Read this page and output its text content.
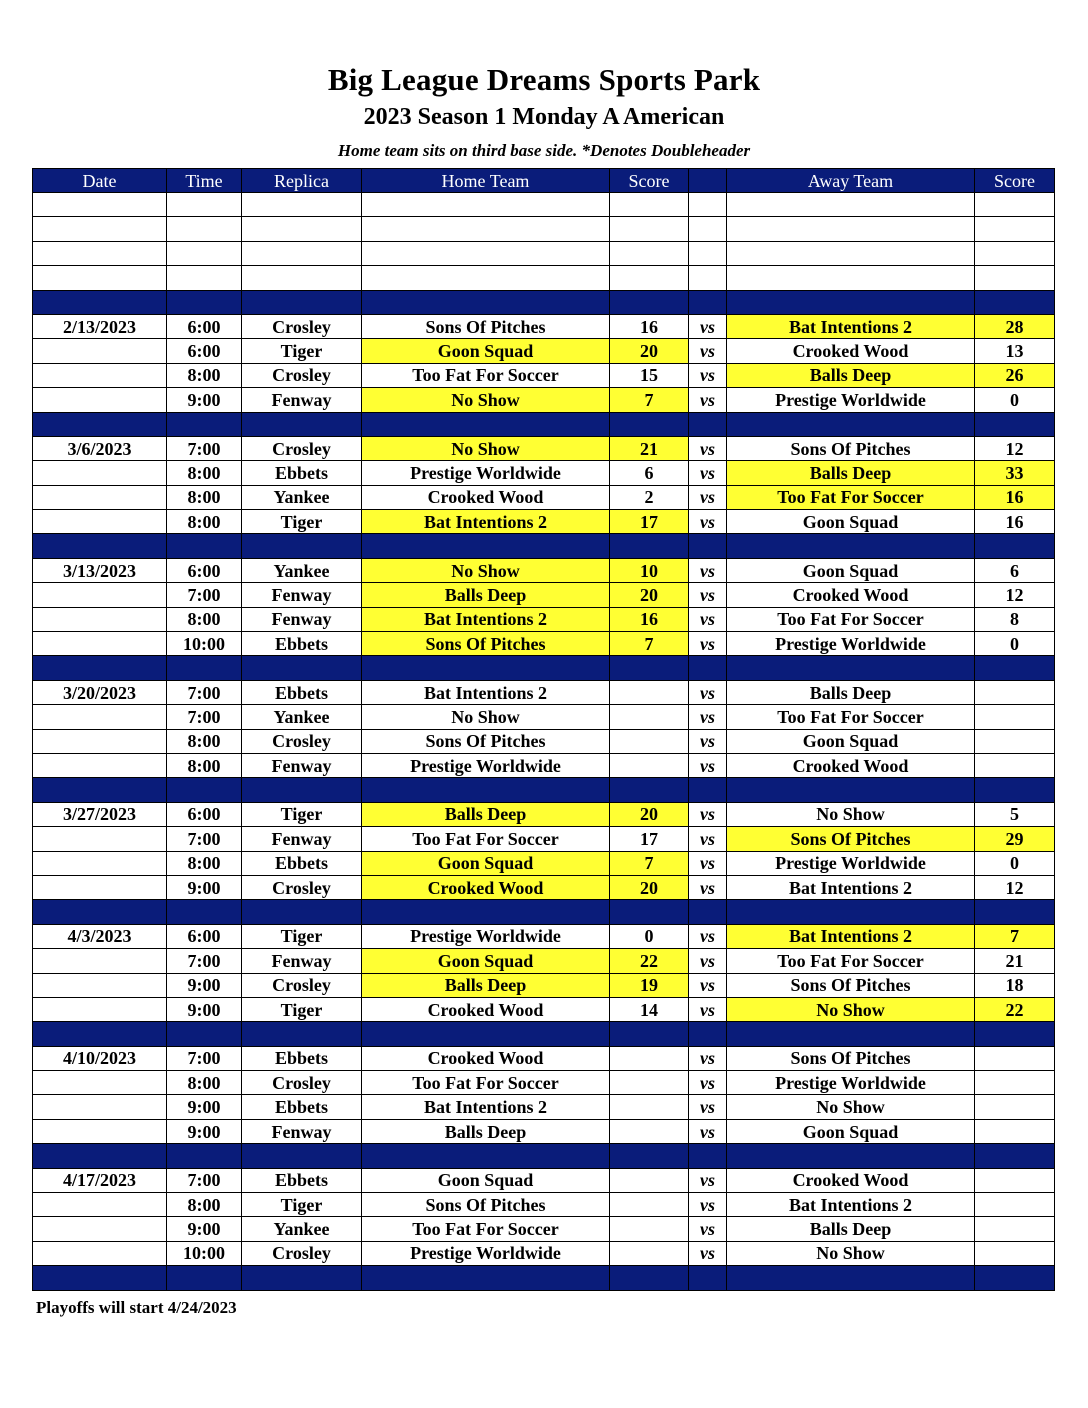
Big League Dreams Sports Park
2023 Season 1 Monday A American
Home team sits on third base side. *Denotes Doubleheader
Date	Time	Replica	Home Team	Score		Away Team	Score

2/13/2023	6:00	Crosley	Sons Of Pitches	16	vs	Bat Intentions 2	28
	6:00	Tiger	Goon Squad	20	vs	Crooked Wood	13
	8:00	Crosley	Too Fat For Soccer	15	vs	Balls Deep	26
	9:00	Fenway	No Show	7	vs	Prestige Worldwide	0

3/6/2023	7:00	Crosley	No Show	21	vs	Sons Of Pitches	12
	8:00	Ebbets	Prestige Worldwide	6	vs	Balls Deep	33
	8:00	Yankee	Crooked Wood	2	vs	Too Fat For Soccer	16
	8:00	Tiger	Bat Intentions 2	17	vs	Goon Squad	16

3/13/2023	6:00	Yankee	No Show	10	vs	Goon Squad	6
	7:00	Fenway	Balls Deep	20	vs	Crooked Wood	12
	8:00	Fenway	Bat Intentions 2	16	vs	Too Fat For Soccer	8
	10:00	Ebbets	Sons Of Pitches	7	vs	Prestige Worldwide	0

3/20/2023	7:00	Ebbets	Bat Intentions 2		vs	Balls Deep	
	7:00	Yankee	No Show		vs	Too Fat For Soccer	
	8:00	Crosley	Sons Of Pitches		vs	Goon Squad	
	8:00	Fenway	Prestige Worldwide		vs	Crooked Wood	

3/27/2023	6:00	Tiger	Balls Deep	20	vs	No Show	5
	7:00	Fenway	Too Fat For Soccer	17	vs	Sons Of Pitches	29
	8:00	Ebbets	Goon Squad	7	vs	Prestige Worldwide	0
	9:00	Crosley	Crooked Wood	20	vs	Bat Intentions 2	12

4/3/2023	6:00	Tiger	Prestige Worldwide	0	vs	Bat Intentions 2	7
	7:00	Fenway	Goon Squad	22	vs	Too Fat For Soccer	21
	9:00	Crosley	Balls Deep	19	vs	Sons Of Pitches	18
	9:00	Tiger	Crooked Wood	14	vs	No Show	22

4/10/2023	7:00	Ebbets	Crooked Wood		vs	Sons Of Pitches	
	8:00	Crosley	Too Fat For Soccer		vs	Prestige Worldwide	
	9:00	Ebbets	Bat Intentions 2		vs	No Show	
	9:00	Fenway	Balls Deep		vs	Goon Squad	

4/17/2023	7:00	Ebbets	Goon Squad		vs	Crooked Wood	
	8:00	Tiger	Sons Of Pitches		vs	Bat Intentions 2	
	9:00	Yankee	Too Fat For Soccer		vs	Balls Deep	
	10:00	Crosley	Prestige Worldwide		vs	No Show	

Playoffs will start 4/24/2023
